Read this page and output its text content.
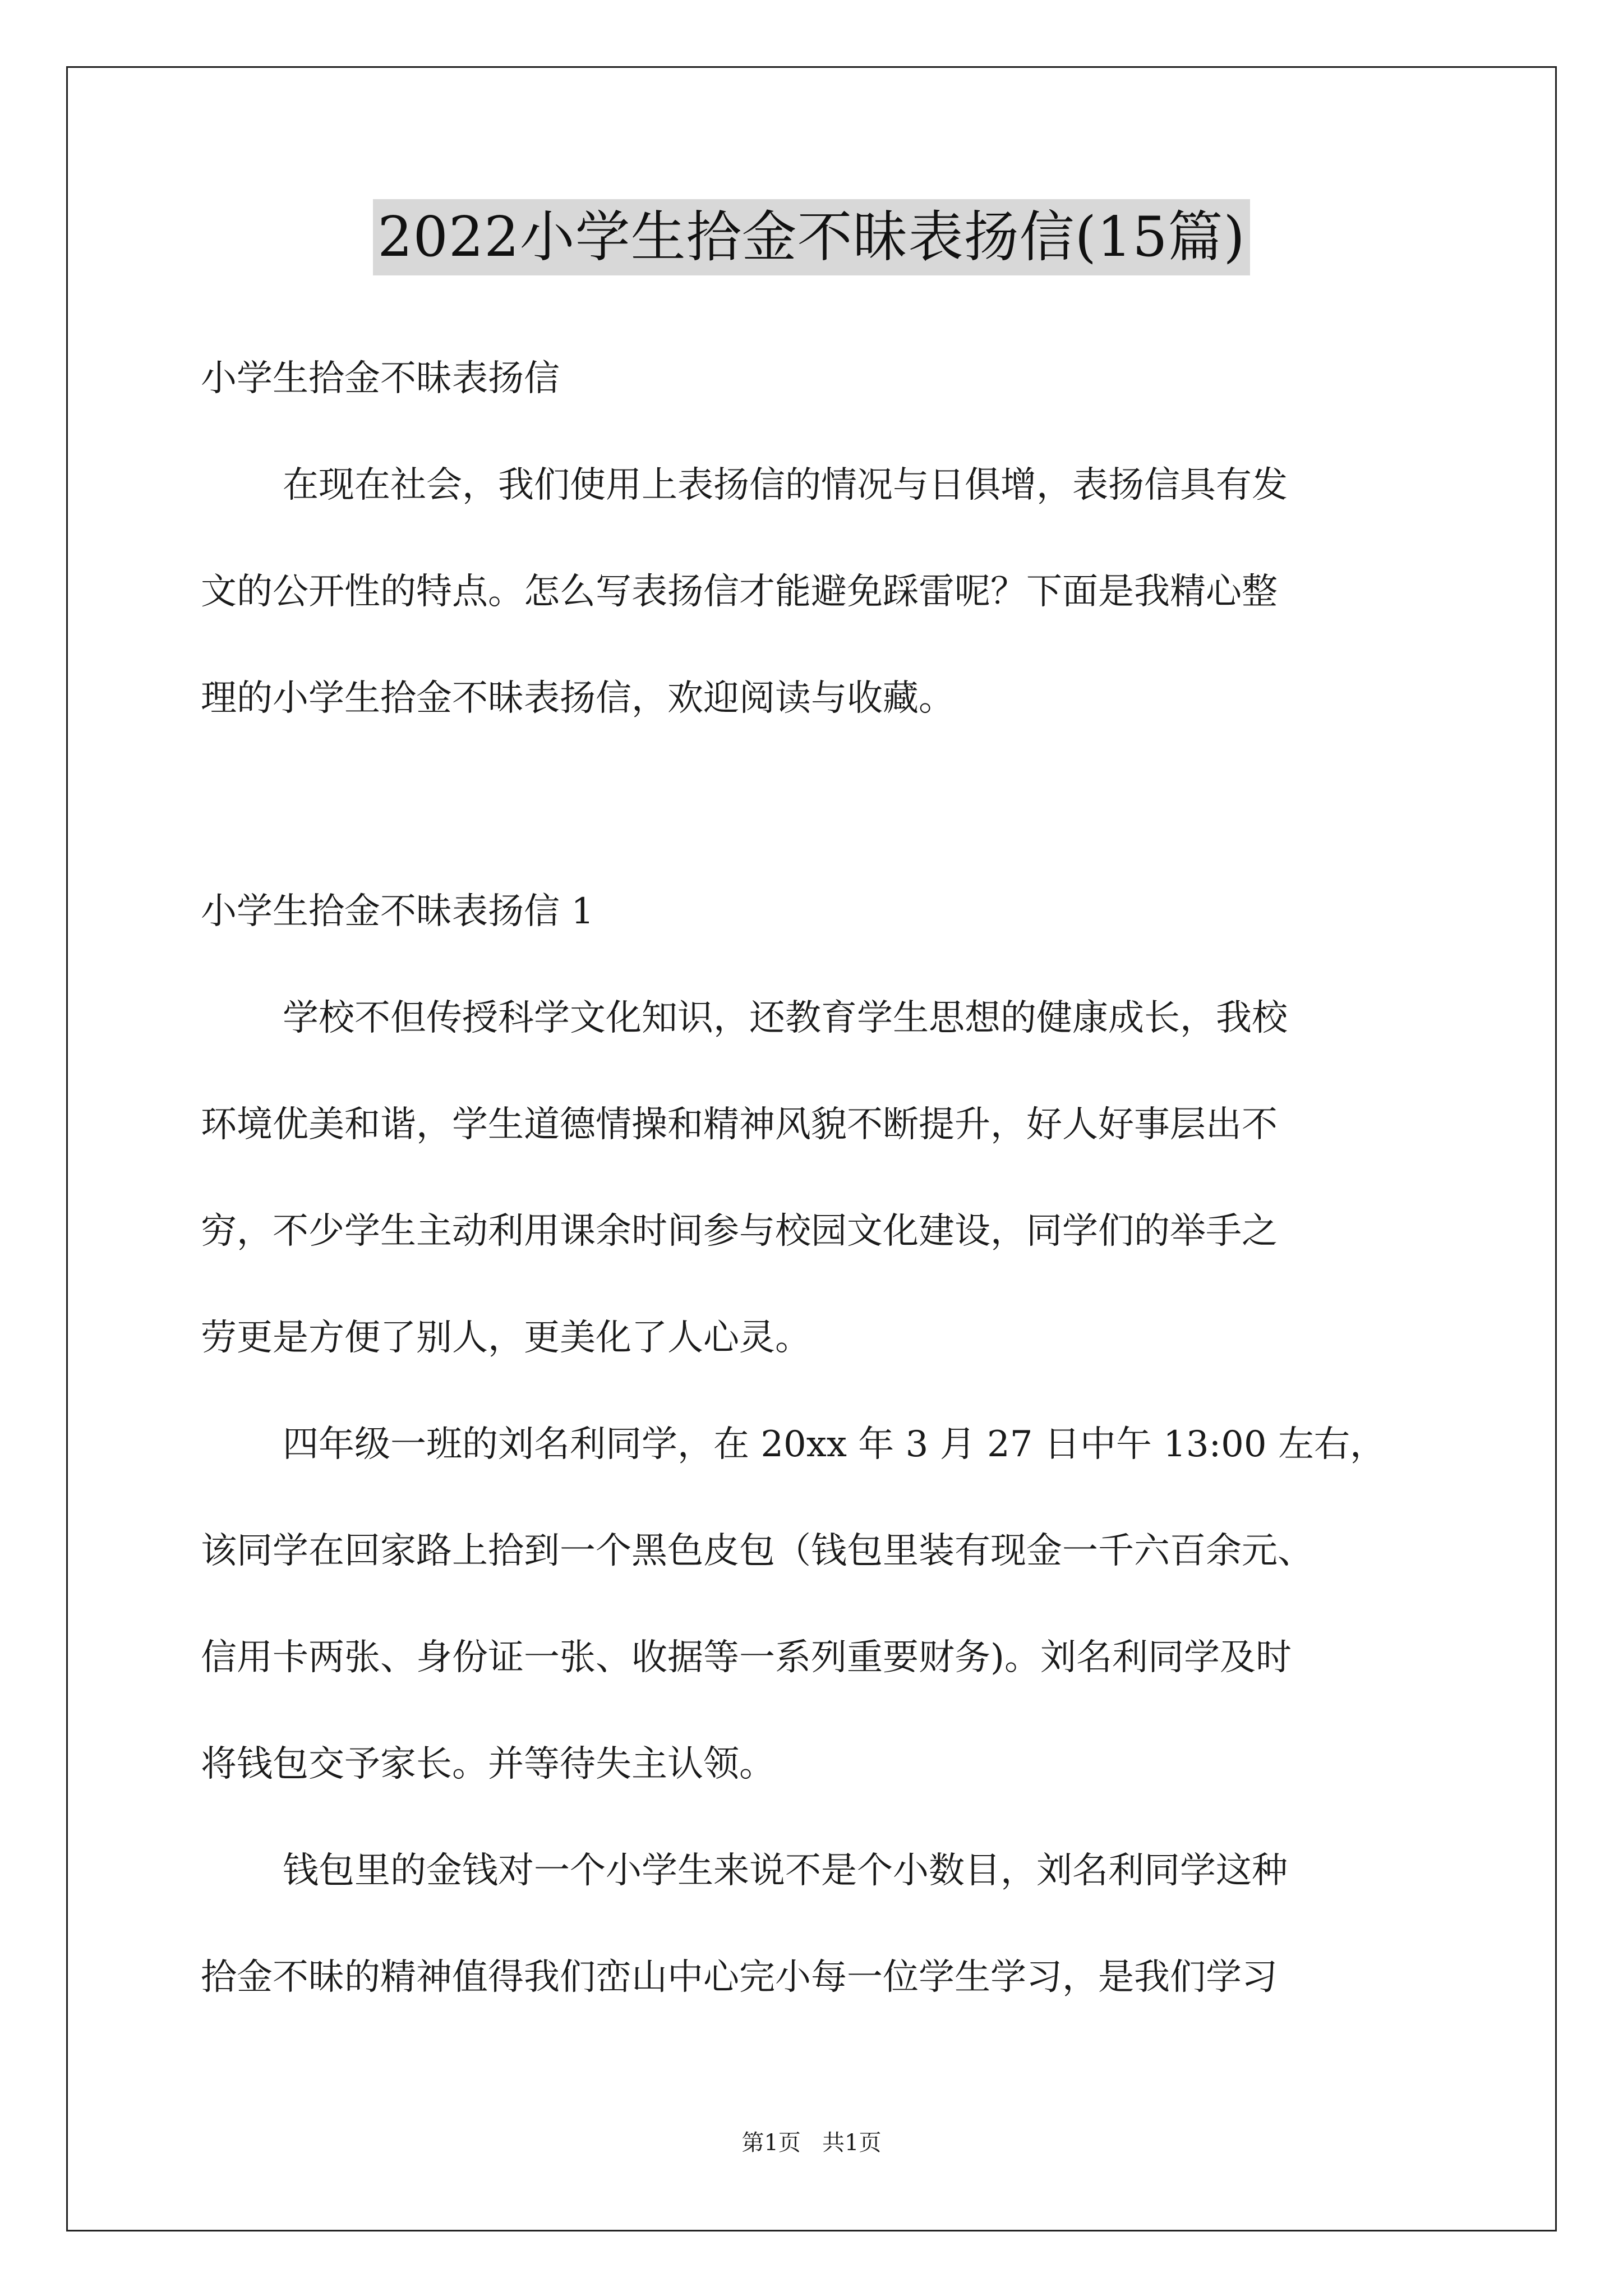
2022小学生拾金不昧表扬信(15篇)
小学生拾金不昧表扬信
在现在社会，我们使用上表扬信的情况与日俱增，表扬信具有发
文的公开性的特点。怎么写表扬信才能避免踩雷呢？下面是我精心整
理的小学生拾金不昧表扬信，欢迎阅读与收藏。
小学生拾金不昧表扬信 1
学校不但传授科学文化知识，还教育学生思想的健康成长，我校
环境优美和谐，学生道德情操和精神风貌不断提升，好人好事层出不
穷，不少学生主动利用课余时间参与校园文化建设，同学们的举手之
劳更是方便了别人，更美化了人心灵。
四年级一班的刘名利同学，在 20xx 年 3 月 27 日中午 13:00 左右，
该同学在回家路上拾到一个黑色皮包（钱包里装有现金一千六百余元、
信用卡两张、身份证一张、收据等一系列重要财务)。刘名利同学及时
将钱包交予家长。并等待失主认领。
钱包里的金钱对一个小学生来说不是个小数目，刘名利同学这种
拾金不昧的精神值得我们峦山中心完小每一位学生学习，是我们学习
第1页   共1页
